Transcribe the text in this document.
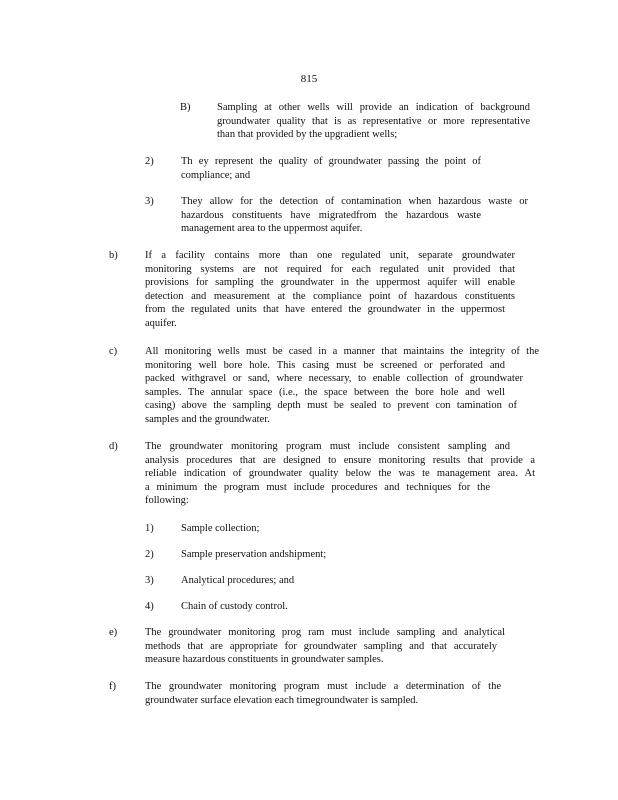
815
B)	Sampling at other wells will provide an indication of background
groundwater quality that is as representative or more representative
than that provided by the upgradient wells;
2)	Th ey represent the quality of groundwater passing the point of
compliance; and
3)	They allow for the detection of contamination when hazardous waste or
hazardous constituents have migratedfrom the hazardous waste
management area to the uppermost aquifer.
b)	If a facility contains more than one regulated unit, separate groundwater
monitoring systems are not required for each regulated unit provided that
provisions for sampling the groundwater in the uppermost aquifer will enable
detection and measurement at the compliance point of hazardous constituents
from the regulated units that have entered the groundwater in the uppermost
aquifer.
c)	All monitoring wells must be cased in a manner that maintains the integrity of the
monitoring well bore hole. This casing must be screened or perforated and
packed withgravel or sand, where necessary, to enable collection of groundwater
samples. The annular space (i.e., the space between the bore hole and well
casing) above the sampling depth must be sealed to prevent con tamination of
samples and the groundwater.
d)	The groundwater monitoring program must include consistent sampling and
analysis procedures that are designed to ensure monitoring results that provide a
reliable indication of groundwater quality below the was te management area. At
a minimum the program must include procedures and techniques for the
following:
1)	Sample collection;
2)	Sample preservation andshipment;
3)	Analytical procedures; and
4)	Chain of custody control.
e)	The groundwater monitoring prog ram must include sampling and analytical
methods that are appropriate for groundwater sampling and that accurately
measure hazardous constituents in groundwater samples.
f)	The groundwater monitoring program must include a determination of the
groundwater surface elevation each timegroundwater is sampled.
